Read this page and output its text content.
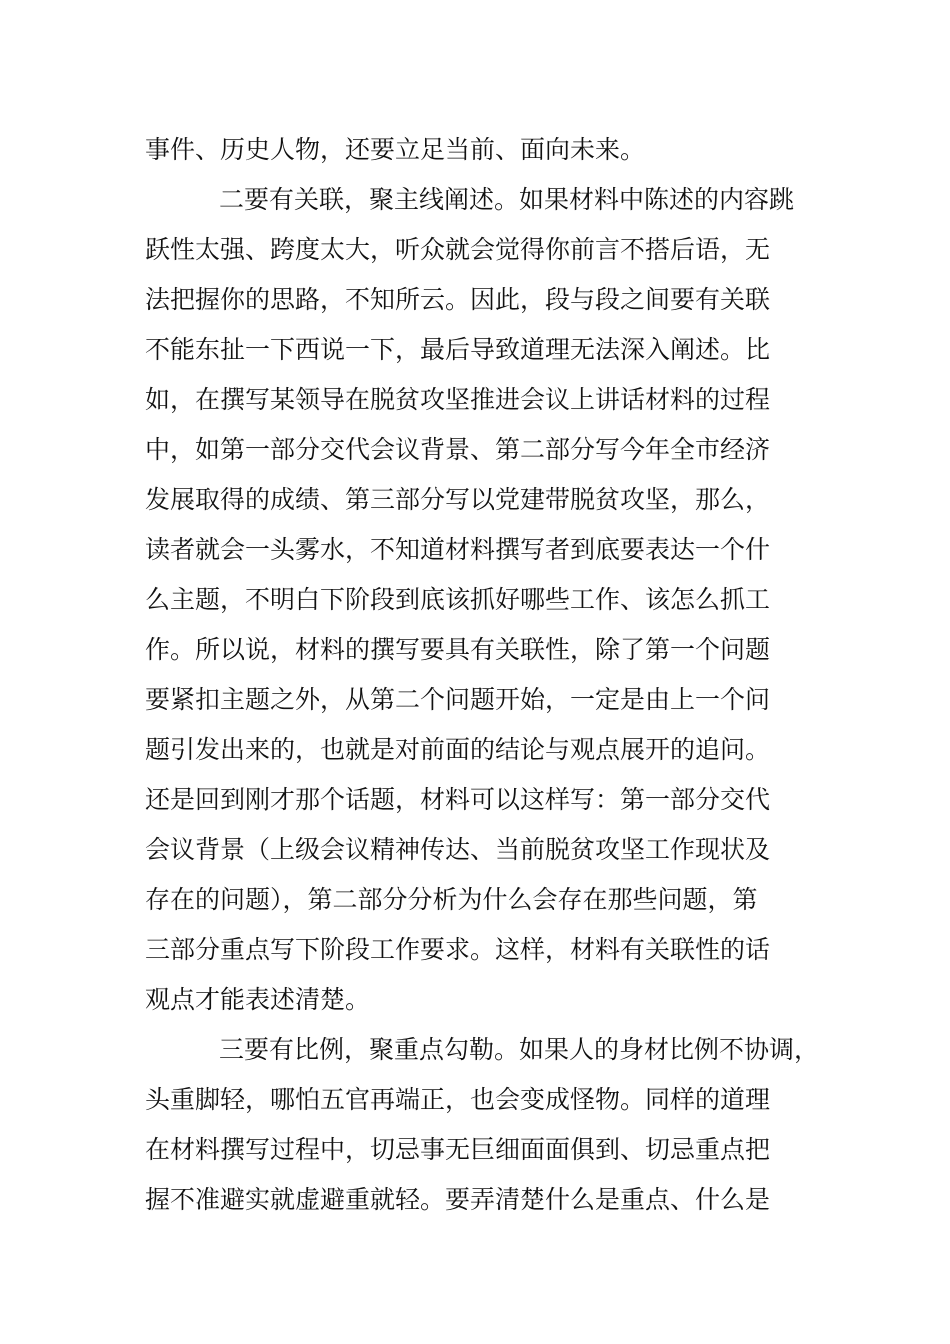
事件、历史人物，还要立足当前、面向未来。
二要有关联，聚主线阐述。如果材料中陈述的内容跳
跃性太强、跨度太大，听众就会觉得你前言不搭后语，无
法把握你的思路，不知所云。因此，段与段之间要有关联
不能东扯一下西说一下，最后导致道理无法深入阐述。比
如，在撰写某领导在脱贫攻坚推进会议上讲话材料的过程
中，如第一部分交代会议背景、第二部分写今年全市经济
发展取得的成绩、第三部分写以党建带脱贫攻坚，那么，
读者就会一头雾水，不知道材料撰写者到底要表达一个什
么主题，不明白下阶段到底该抓好哪些工作、该怎么抓工
作。所以说，材料的撰写要具有关联性，除了第一个问题
要紧扣主题之外，从第二个问题开始，一定是由上一个问
题引发出来的，也就是对前面的结论与观点展开的追问。
还是回到刚才那个话题，材料可以这样写：第一部分交代
会议背景（上级会议精神传达、当前脱贫攻坚工作现状及
存在的问题），第二部分分析为什么会存在那些问题，第
三部分重点写下阶段工作要求。这样，材料有关联性的话
观点才能表述清楚。
三要有比例，聚重点勾勒。如果人的身材比例不协调，
头重脚轻，哪怕五官再端正，也会变成怪物。同样的道理
在材料撰写过程中，切忌事无巨细面面俱到、切忌重点把
握不准避实就虚避重就轻。要弄清楚什么是重点、什么是
